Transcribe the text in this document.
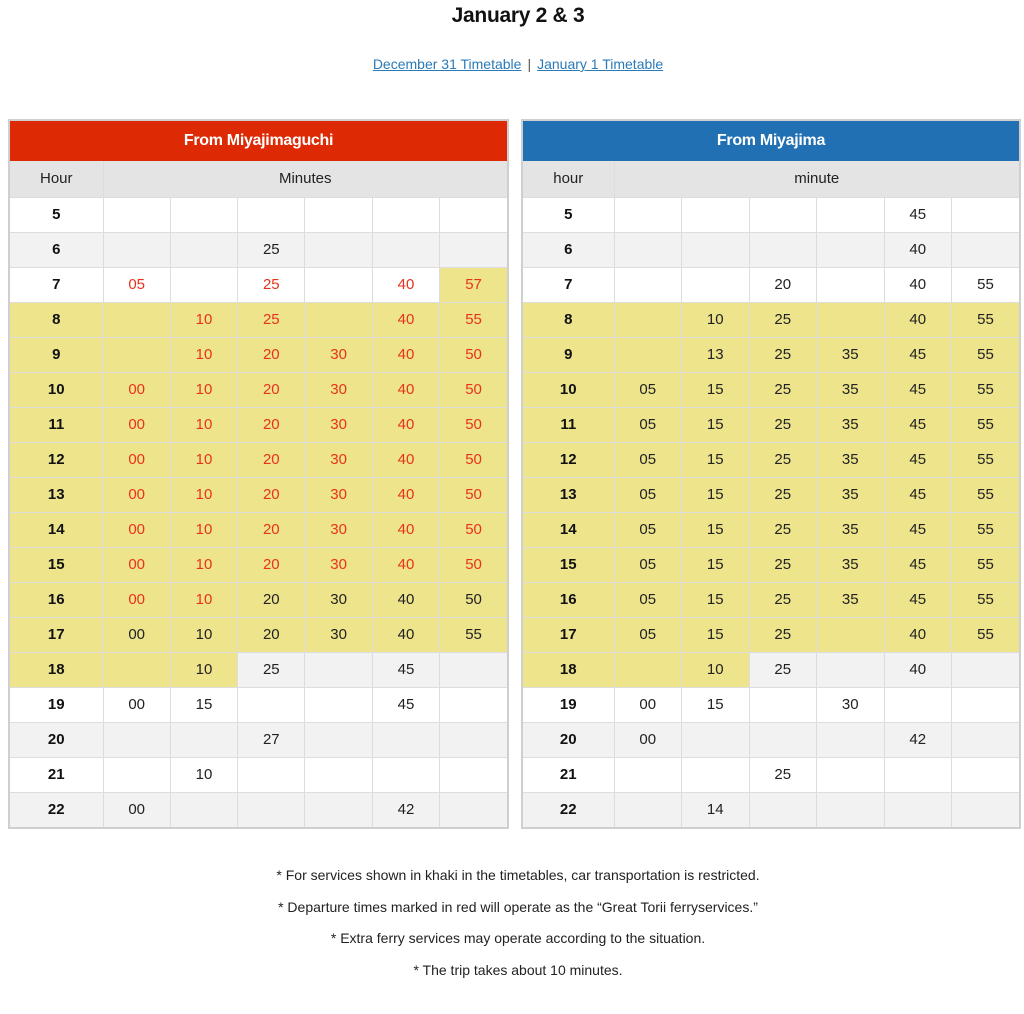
January 2 & 3
December 31 Timetable | January 1 Timetable
From Miyajimaguchi
Hour	Minutes					
5						
6			25			
7	05		25		40	57
8		10	25		40	55
9		10	20	30	40	50
10	00	10	20	30	40	50
11	00	10	20	30	40	50
12	00	10	20	30	40	50
13	00	10	20	30	40	50
14	00	10	20	30	40	50
15	00	10	20	30	40	50
16	00	10	20	30	40	50
17	00	10	20	30	40	55
18		10	25		45	
19	00	15			45	
20			27			
21		10				
22	00				42	
From Miyajima
hour	minute					
5					45	
6					40	
7			20		40	55
8		10	25		40	55
9		13	25	35	45	55
10	05	15	25	35	45	55
11	05	15	25	35	45	55
12	05	15	25	35	45	55
13	05	15	25	35	45	55
14	05	15	25	35	45	55
15	05	15	25	35	45	55
16	05	15	25	35	45	55
17	05	15	25		40	55
18		10	25		40	
19	00	15		30		
20	00				42	
21			25			
22		14				

* For services shown in khaki in the timetables, car transportation is restricted.

* Departure times marked in red will operate as the “Great Torii ferryservices.”

* Extra ferry services may operate according to the situation.

* The trip takes about 10 minutes.
